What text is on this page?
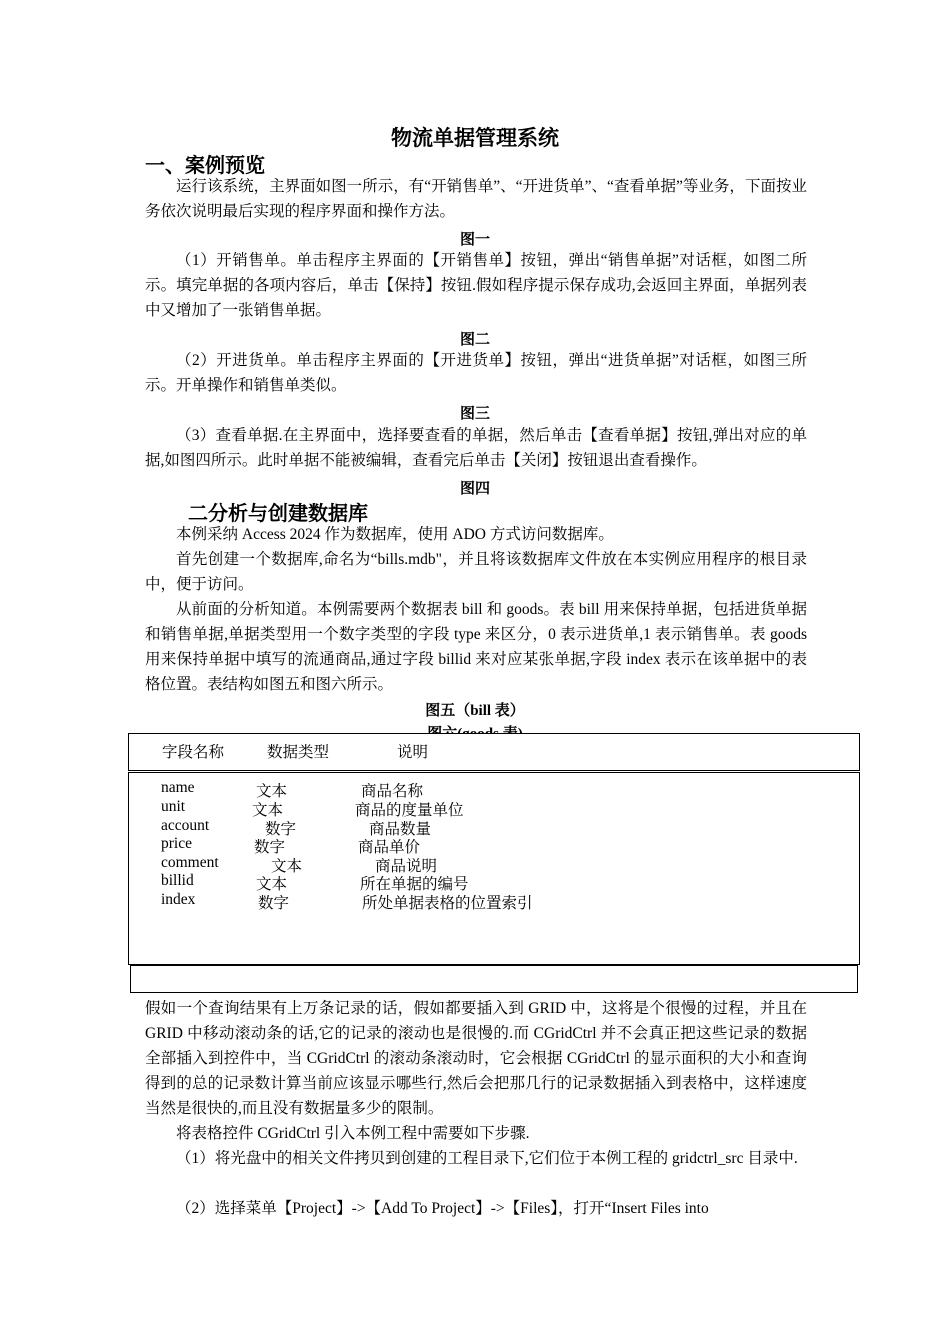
物流单据管理系统
一、案例预览
运行该系统，主界面如图一所示，有“开销售单”、“开进货单”、“查看单据”等业务，下面按业务依次说明最后实现的程序界面和操作方法。
图一
（1）开销售单。单击程序主界面的【开销售单】按钮，弹出“销售单据”对话框，如图二所示。填完单据的各项内容后，单击【保持】按钮.假如程序提示保存成功,会返回主界面，单据列表中又增加了一张销售单据。
图二
（2）开进货单。单击程序主界面的【开进货单】按钮，弹出“进货单据”对话框，如图三所示。开单操作和销售单类似。
图三
（3）查看单据.在主界面中，选择要查看的单据，然后单击【查看单据】按钮,弹出对应的单据,如图四所示。此时单据不能被编辑，查看完后单击【关闭】按钮退出查看操作。
图四
二分析与创建数据库
本例采纳 Access 2024 作为数据库，使用 ADO 方式访问数据库。
首先创建一个数据库,命名为“bills.mdb"，并且将该数据库文件放在本实例应用程序的根目录中，便于访问。
从前面的分析知道。本例需要两个数据表 bill 和 goods。表 bill 用来保持单据，包括进货单据和销售单据,单据类型用一个数字类型的字段 type 来区分，0 表示进货单,1 表示销售单。表 goods 用来保持单据中填写的流通商品,通过字段 billid 来对应某张单据,字段 index 表示在该单据中的表格位置。表结构如图五和图六所示。
图五（bill 表）
字段名称	数据类型	说明
name	文本	商品名称
unit	文本	商品的度量单位
account	数字	商品数量
price	数字	商品单价
comment	文本	商品说明
billid	文本	所在单据的编号
index	数字	所处单据表格的位置索引
假如一个查询结果有上万条记录的话，假如都要插入到 GRID 中，这将是个很慢的过程，并且在 GRID 中移动滚动条的话,它的记录的滚动也是很慢的.而 CGridCtrl 并不会真正把这些记录的数据全部插入到控件中，当 CGridCtrl 的滚动条滚动时，它会根据 CGridCtrl 的显示面积的大小和查询得到的总的记录数计算当前应该显示哪些行,然后会把那几行的记录数据插入到表格中，这样速度当然是很快的,而且没有数据量多少的限制。
将表格控件 CGridCtrl 引入本例工程中需要如下步骤.
（1）将光盘中的相关文件拷贝到创建的工程目录下,它们位于本例工程的 gridctrl_src 目录中.
（2）选择菜单【Project】->【Add To Project】->【Files】，打开“Insert Files into
